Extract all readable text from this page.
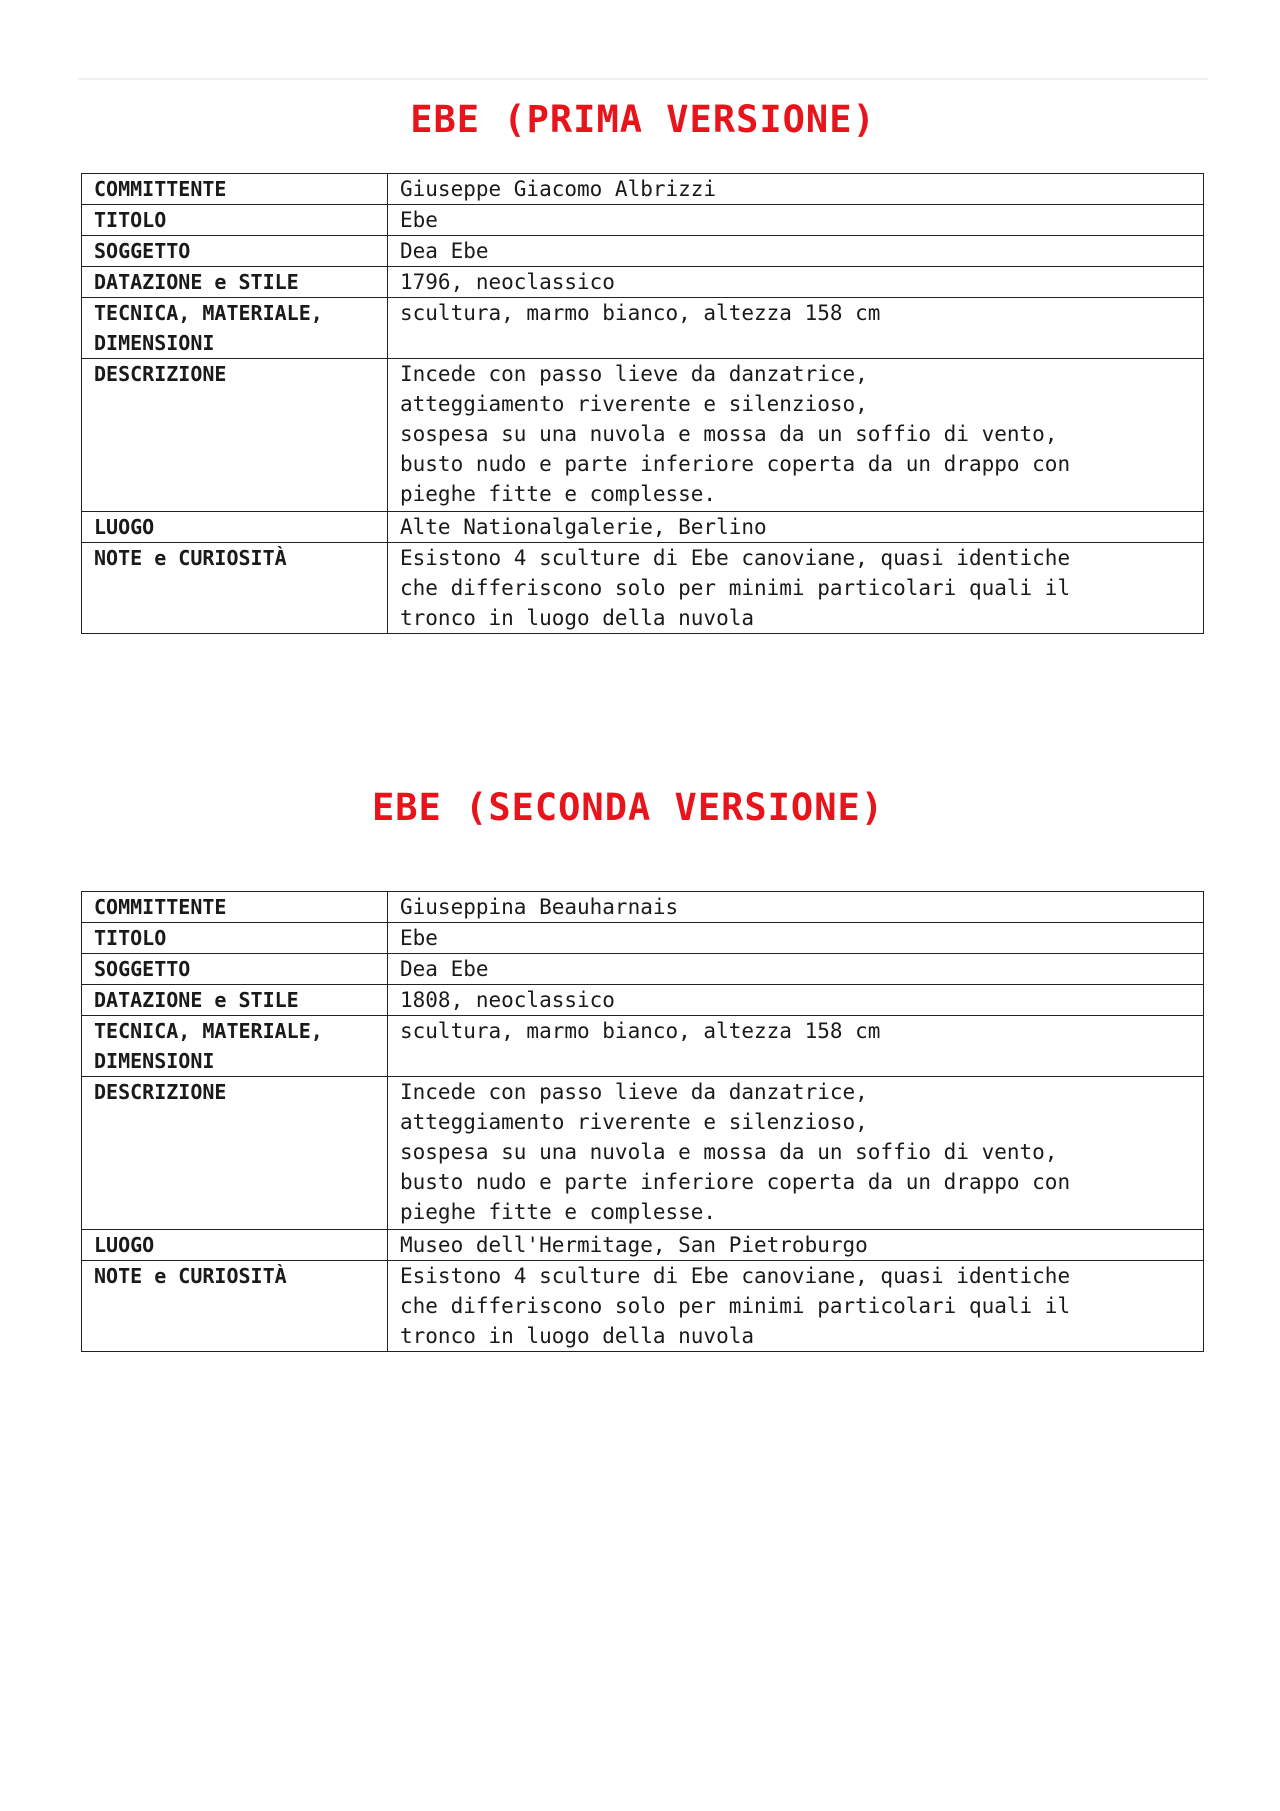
EBE (PRIMA VERSIONE)
COMMITTENTE	Giuseppe Giacomo Albrizzi
TITOLO	Ebe
SOGGETTO	Dea Ebe
DATAZIONE e STILE	1796, neoclassico
TECNICA, MATERIALE,
DIMENSIONI	scultura, marmo bianco, altezza 158 cm
DESCRIZIONE	Incede con passo lieve da danzatrice,
atteggiamento riverente e silenzioso,
sospesa su una nuvola e mossa da un soffio di vento,
busto nudo e parte inferiore coperta da un drappo con
pieghe fitte e complesse.
LUOGO	Alte Nationalgalerie, Berlino
NOTE e CURIOSITÀ	Esistono 4 sculture di Ebe canoviane, quasi identiche
che differiscono solo per minimi particolari quali il
tronco in luogo della nuvola
EBE (SECONDA VERSIONE)
COMMITTENTE	Giuseppina Beauharnais
TITOLO	Ebe
SOGGETTO	Dea Ebe
DATAZIONE e STILE	1808, neoclassico
TECNICA, MATERIALE,
DIMENSIONI	scultura, marmo bianco, altezza 158 cm
DESCRIZIONE	Incede con passo lieve da danzatrice,
atteggiamento riverente e silenzioso,
sospesa su una nuvola e mossa da un soffio di vento,
busto nudo e parte inferiore coperta da un drappo con
pieghe fitte e complesse.
LUOGO	Museo dell'Hermitage, San Pietroburgo
NOTE e CURIOSITÀ	Esistono 4 sculture di Ebe canoviane, quasi identiche
che differiscono solo per minimi particolari quali il
tronco in luogo della nuvola
